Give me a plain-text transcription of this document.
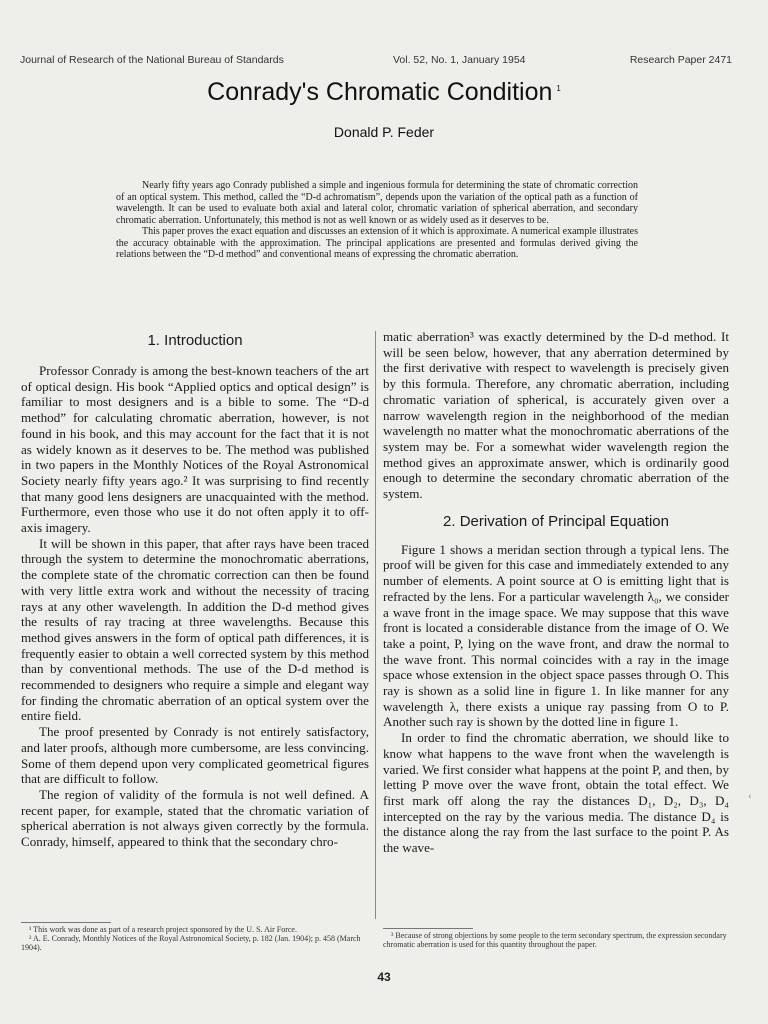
Journal of Research of the National Bureau of Standards	Vol. 52, No. 1, January 1954	Research Paper 2471
Conrady's Chromatic Condition $^1$
Donald P. Feder

Nearly fifty years ago Conrady published a simple and ingenious formula for determining the state of chromatic correction of an optical system. This method, called the “D-d achromatism”, depends upon the variation of the optical path as a function of wavelength. It can be used to evaluate both axial and lateral color, chromatic variation of spherical aberration, and secondary chromatic aberration. Unfortunately, this method is not as well known or as widely used as it deserves to be.

This paper proves the exact equation and discusses an extension of it which is approximate. A numerical example illustrates the accuracy obtainable with the approximation. The principal applications are presented and formulas derived giving the relations between the “D-d method” and conventional means of expressing the chromatic aberration.

1. Introduction

Professor Conrady is among the best-known teachers of the art of optical design. His book “Applied optics and optical design” is familiar to most designers and is a bible to some. The “D-d method” for calculating chromatic aberration, however, is not found in his book, and this may account for the fact that it is not as widely known as it deserves to be. The method was published in two papers in the Monthly Notices of the Royal Astronomical Society nearly fifty years ago.² It was surprising to find recently that many good lens designers are unacquainted with the method. Furthermore, even those who use it do not often apply it to off-axis imagery.

It will be shown in this paper, that after rays have been traced through the system to determine the monochromatic aberrations, the complete state of the chromatic correction can then be found with very little extra work and without the necessity of tracing rays at any other wavelength. In addition the D-d method gives the results of ray tracing at three wavelengths. Because this method gives answers in the form of optical path differences, it is frequently easier to obtain a well corrected system by this method than by conventional methods. The use of the D-d method is recommended to designers who require a simple and elegant way for finding the chromatic aberration of an optical system over the entire field.

The proof presented by Conrady is not entirely satisfactory, and later proofs, although more cumbersome, are less convincing. Some of them depend upon very complicated geometrical figures that are difficult to follow.

The region of validity of the formula is not well defined. A recent paper, for example, stated that the chromatic variation of spherical aberration is not always given correctly by the formula. Conrady, himself, appeared to think that the secondary chro-

matic aberration³ was exactly determined by the D-d method. It will be seen below, however, that any aberration determined by the first derivative with respect to wavelength is precisely given by this formula. Therefore, any chromatic aberration, including chromatic variation of spherical, is accurately given over a narrow wavelength region in the neighborhood of the median wavelength no matter what the monochromatic aberrations of the system may be. For a somewhat wider wavelength region the method gives an approximate answer, which is ordinarily good enough to determine the secondary chromatic aberration of the system.

2. Derivation of Principal Equation

Figure 1 shows a meridan section through a typical lens. The proof will be given for this case and immediately extended to any number of elements. A point source at O is emitting light that is refracted by the lens. For a particular wavelength λ₀, we consider a wave front in the image space. We may suppose that this wave front is located a considerable distance from the image of O. We take a point, P, lying on the wave front, and draw the normal to the wave front. This normal coincides with a ray in the image space whose extension in the object space passes through O. This ray is shown as a solid line in figure 1. In like manner for any wavelength λ, there exists a unique ray passing from O to P. Another such ray is shown by the dotted line in figure 1.

In order to find the chromatic aberration, we should like to know what happens to the wave front when the wavelength is varied. We first consider what happens at the point P, and then, by letting P move over the wave front, obtain the total effect. We first mark off along the ray the distances D₁, D₂, D₃, D₄ intercepted on the ray by the various media. The distance D₄ is the distance along the ray from the last surface to the point P. As the wave-

¹ This work was done as part of a research project sponsored by the U. S. Air Force.

² A. E. Conrady, Monthly Notices of the Royal Astronomical Society, p. 182 (Jan. 1904); p. 458 (March 1904).

³ Because of strong objections by some people to the term secondary spectrum, the expression secondary chromatic aberration is used for this quantity throughout the paper.

43
‹
